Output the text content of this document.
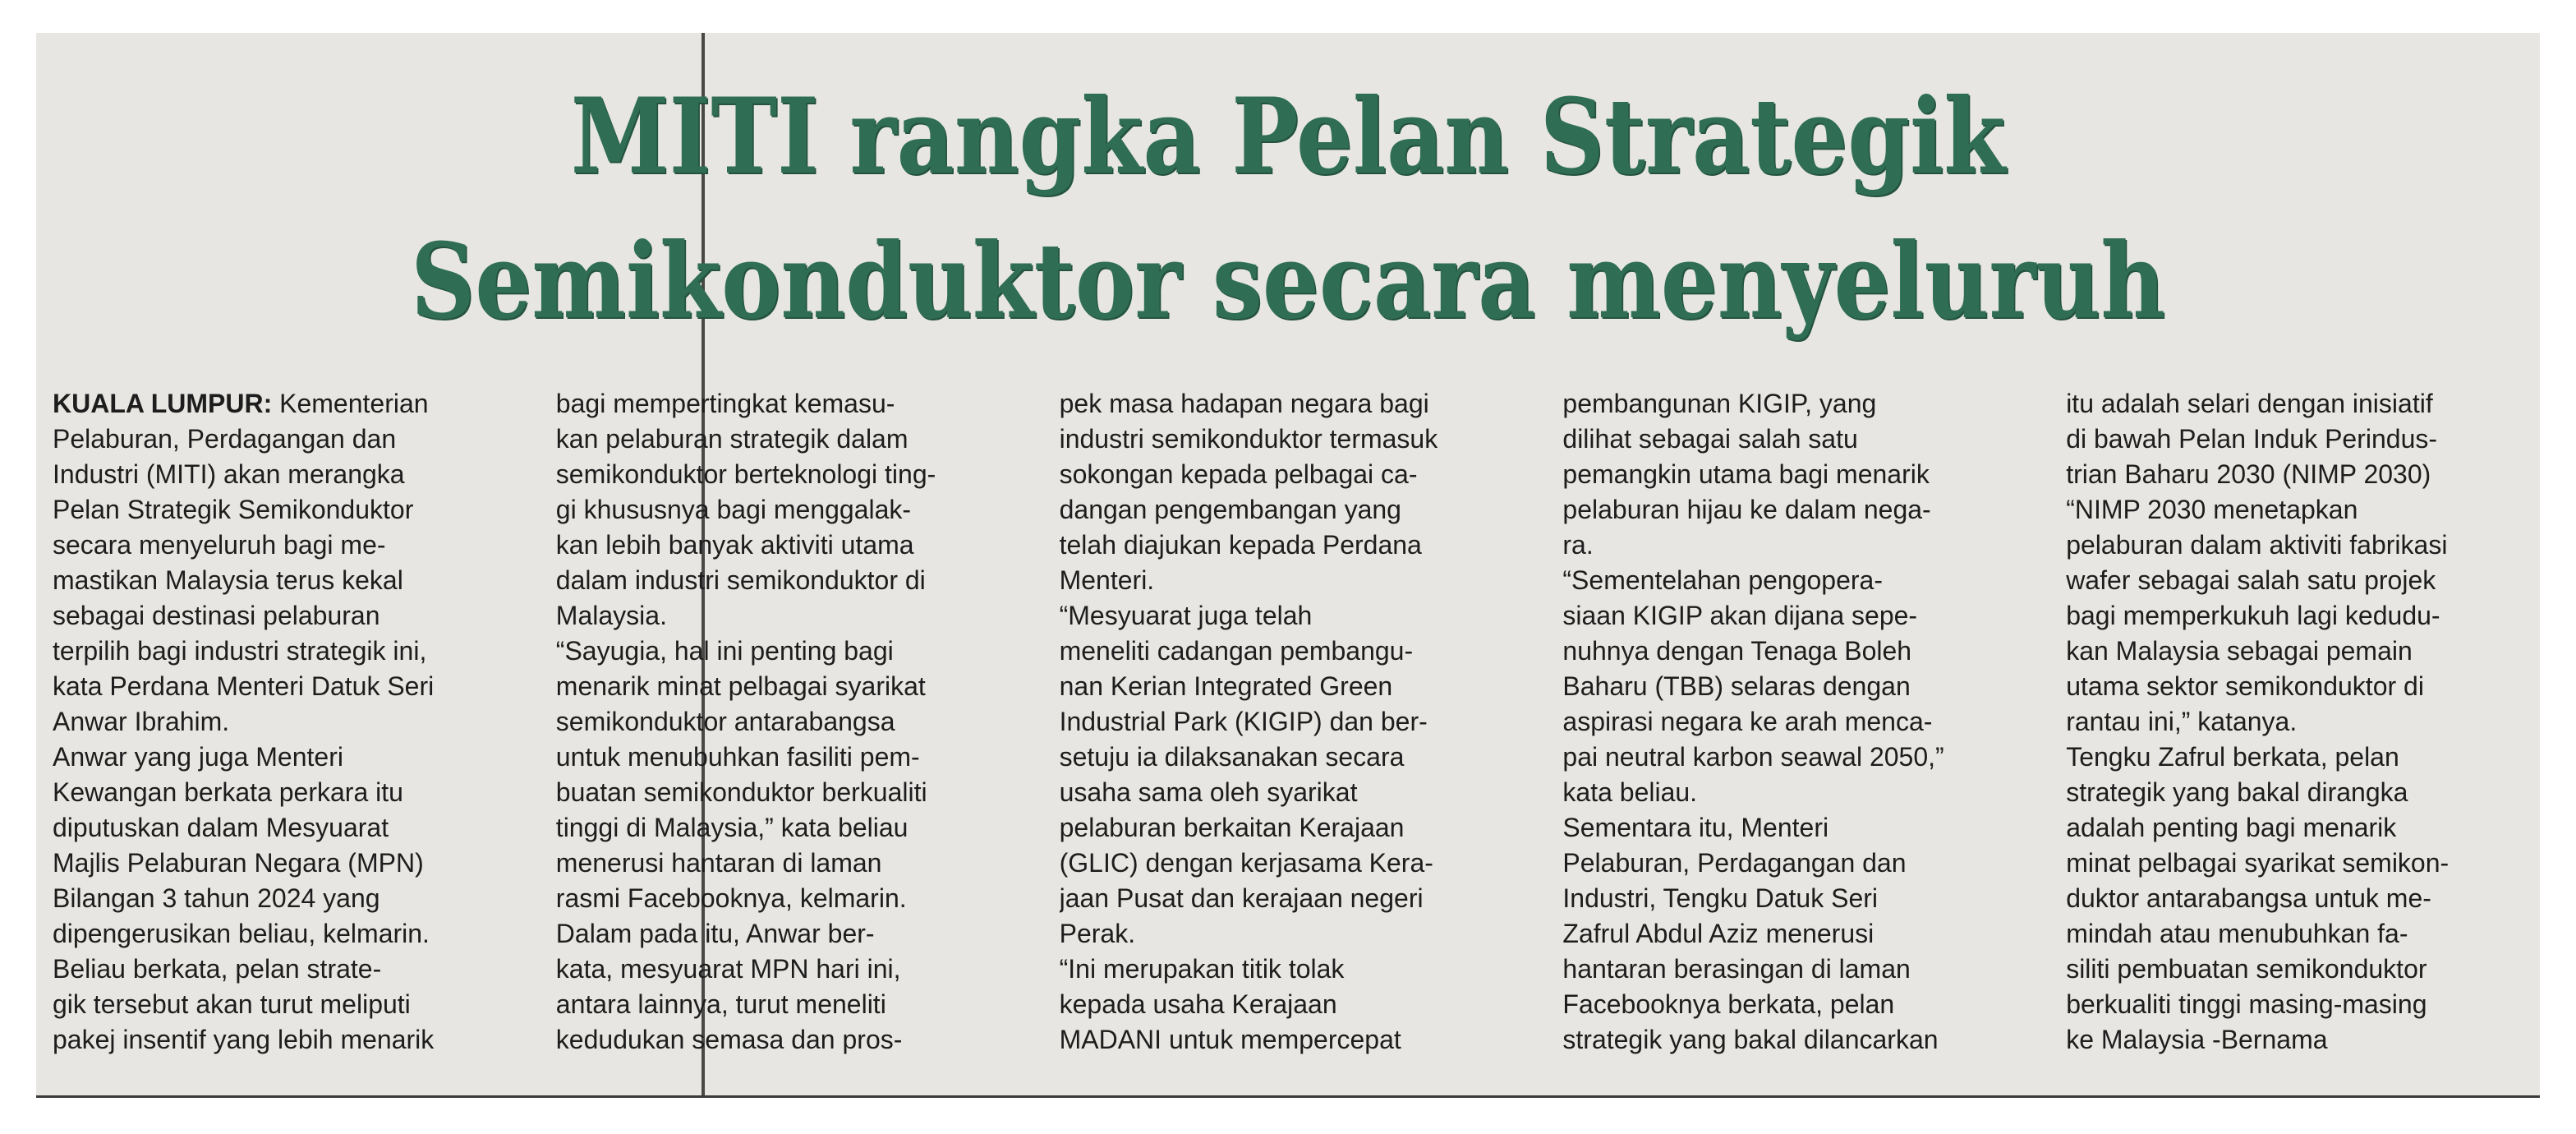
MITI rangka Pelan Strategik
Semikonduktor secara menyeluruh
KUALA LUMPUR: Kementerian
Pelaburan, Perdagangan dan
Industri (MITI) akan merangka
Pelan Strategik Semikonduktor
secara menyeluruh bagi me-
mastikan Malaysia terus kekal
sebagai destinasi pelaburan
terpilih bagi industri strategik ini,
kata Perdana Menteri Datuk Seri
Anwar Ibrahim.
Anwar yang juga Menteri
Kewangan berkata perkara itu
diputuskan dalam Mesyuarat
Majlis Pelaburan Negara (MPN)
Bilangan 3 tahun 2024 yang
dipengerusikan beliau, kelmarin.
Beliau berkata, pelan strate-
gik tersebut akan turut meliputi
pakej insentif yang lebih menarik
bagi mempertingkat kemasu-
kan pelaburan strategik dalam
semikonduktor berteknologi ting-
gi khususnya bagi menggalak-
kan lebih banyak aktiviti utama
dalam industri semikonduktor di
Malaysia.
“Sayugia, hal ini penting bagi
menarik minat pelbagai syarikat
semikonduktor antarabangsa
untuk menubuhkan fasiliti pem-
buatan semikonduktor berkualiti
tinggi di Malaysia,” kata beliau
menerusi hantaran di laman
rasmi Facebooknya, kelmarin.
Dalam pada itu, Anwar ber-
kata, mesyuarat MPN hari ini,
antara lainnya, turut meneliti
kedudukan semasa dan pros-
pek masa hadapan negara bagi
industri semikonduktor termasuk
sokongan kepada pelbagai ca-
dangan pengembangan yang
telah diajukan kepada Perdana
Menteri.
“Mesyuarat juga telah
meneliti cadangan pembangu-
nan Kerian Integrated Green
Industrial Park (KIGIP) dan ber-
setuju ia dilaksanakan secara
usaha sama oleh syarikat
pelaburan berkaitan Kerajaan
(GLIC) dengan kerjasama Kera-
jaan Pusat dan kerajaan negeri
Perak.
“Ini merupakan titik tolak
kepada usaha Kerajaan
MADANI untuk mempercepat
pembangunan KIGIP, yang
dilihat sebagai salah satu
pemangkin utama bagi menarik
pelaburan hijau ke dalam nega-
ra.
“Sementelahan pengopera-
siaan KIGIP akan dijana sepe-
nuhnya dengan Tenaga Boleh
Baharu (TBB) selaras dengan
aspirasi negara ke arah menca-
pai neutral karbon seawal 2050,”
kata beliau.
Sementara itu, Menteri
Pelaburan, Perdagangan dan
Industri, Tengku Datuk Seri
Zafrul Abdul Aziz menerusi
hantaran berasingan di laman
Facebooknya berkata, pelan
strategik yang bakal dilancarkan
itu adalah selari dengan inisiatif
di bawah Pelan Induk Perindus-
trian Baharu 2030 (NIMP 2030)
“NIMP 2030 menetapkan
pelaburan dalam aktiviti fabrikasi
wafer sebagai salah satu projek
bagi memperkukuh lagi kedudu-
kan Malaysia sebagai pemain
utama sektor semikonduktor di
rantau ini,” katanya.
Tengku Zafrul berkata, pelan
strategik yang bakal dirangka
adalah penting bagi menarik
minat pelbagai syarikat semikon-
duktor antarabangsa untuk me-
mindah atau menubuhkan fa-
siliti pembuatan semikonduktor
berkualiti tinggi masing-masing
ke Malaysia -Bernama
